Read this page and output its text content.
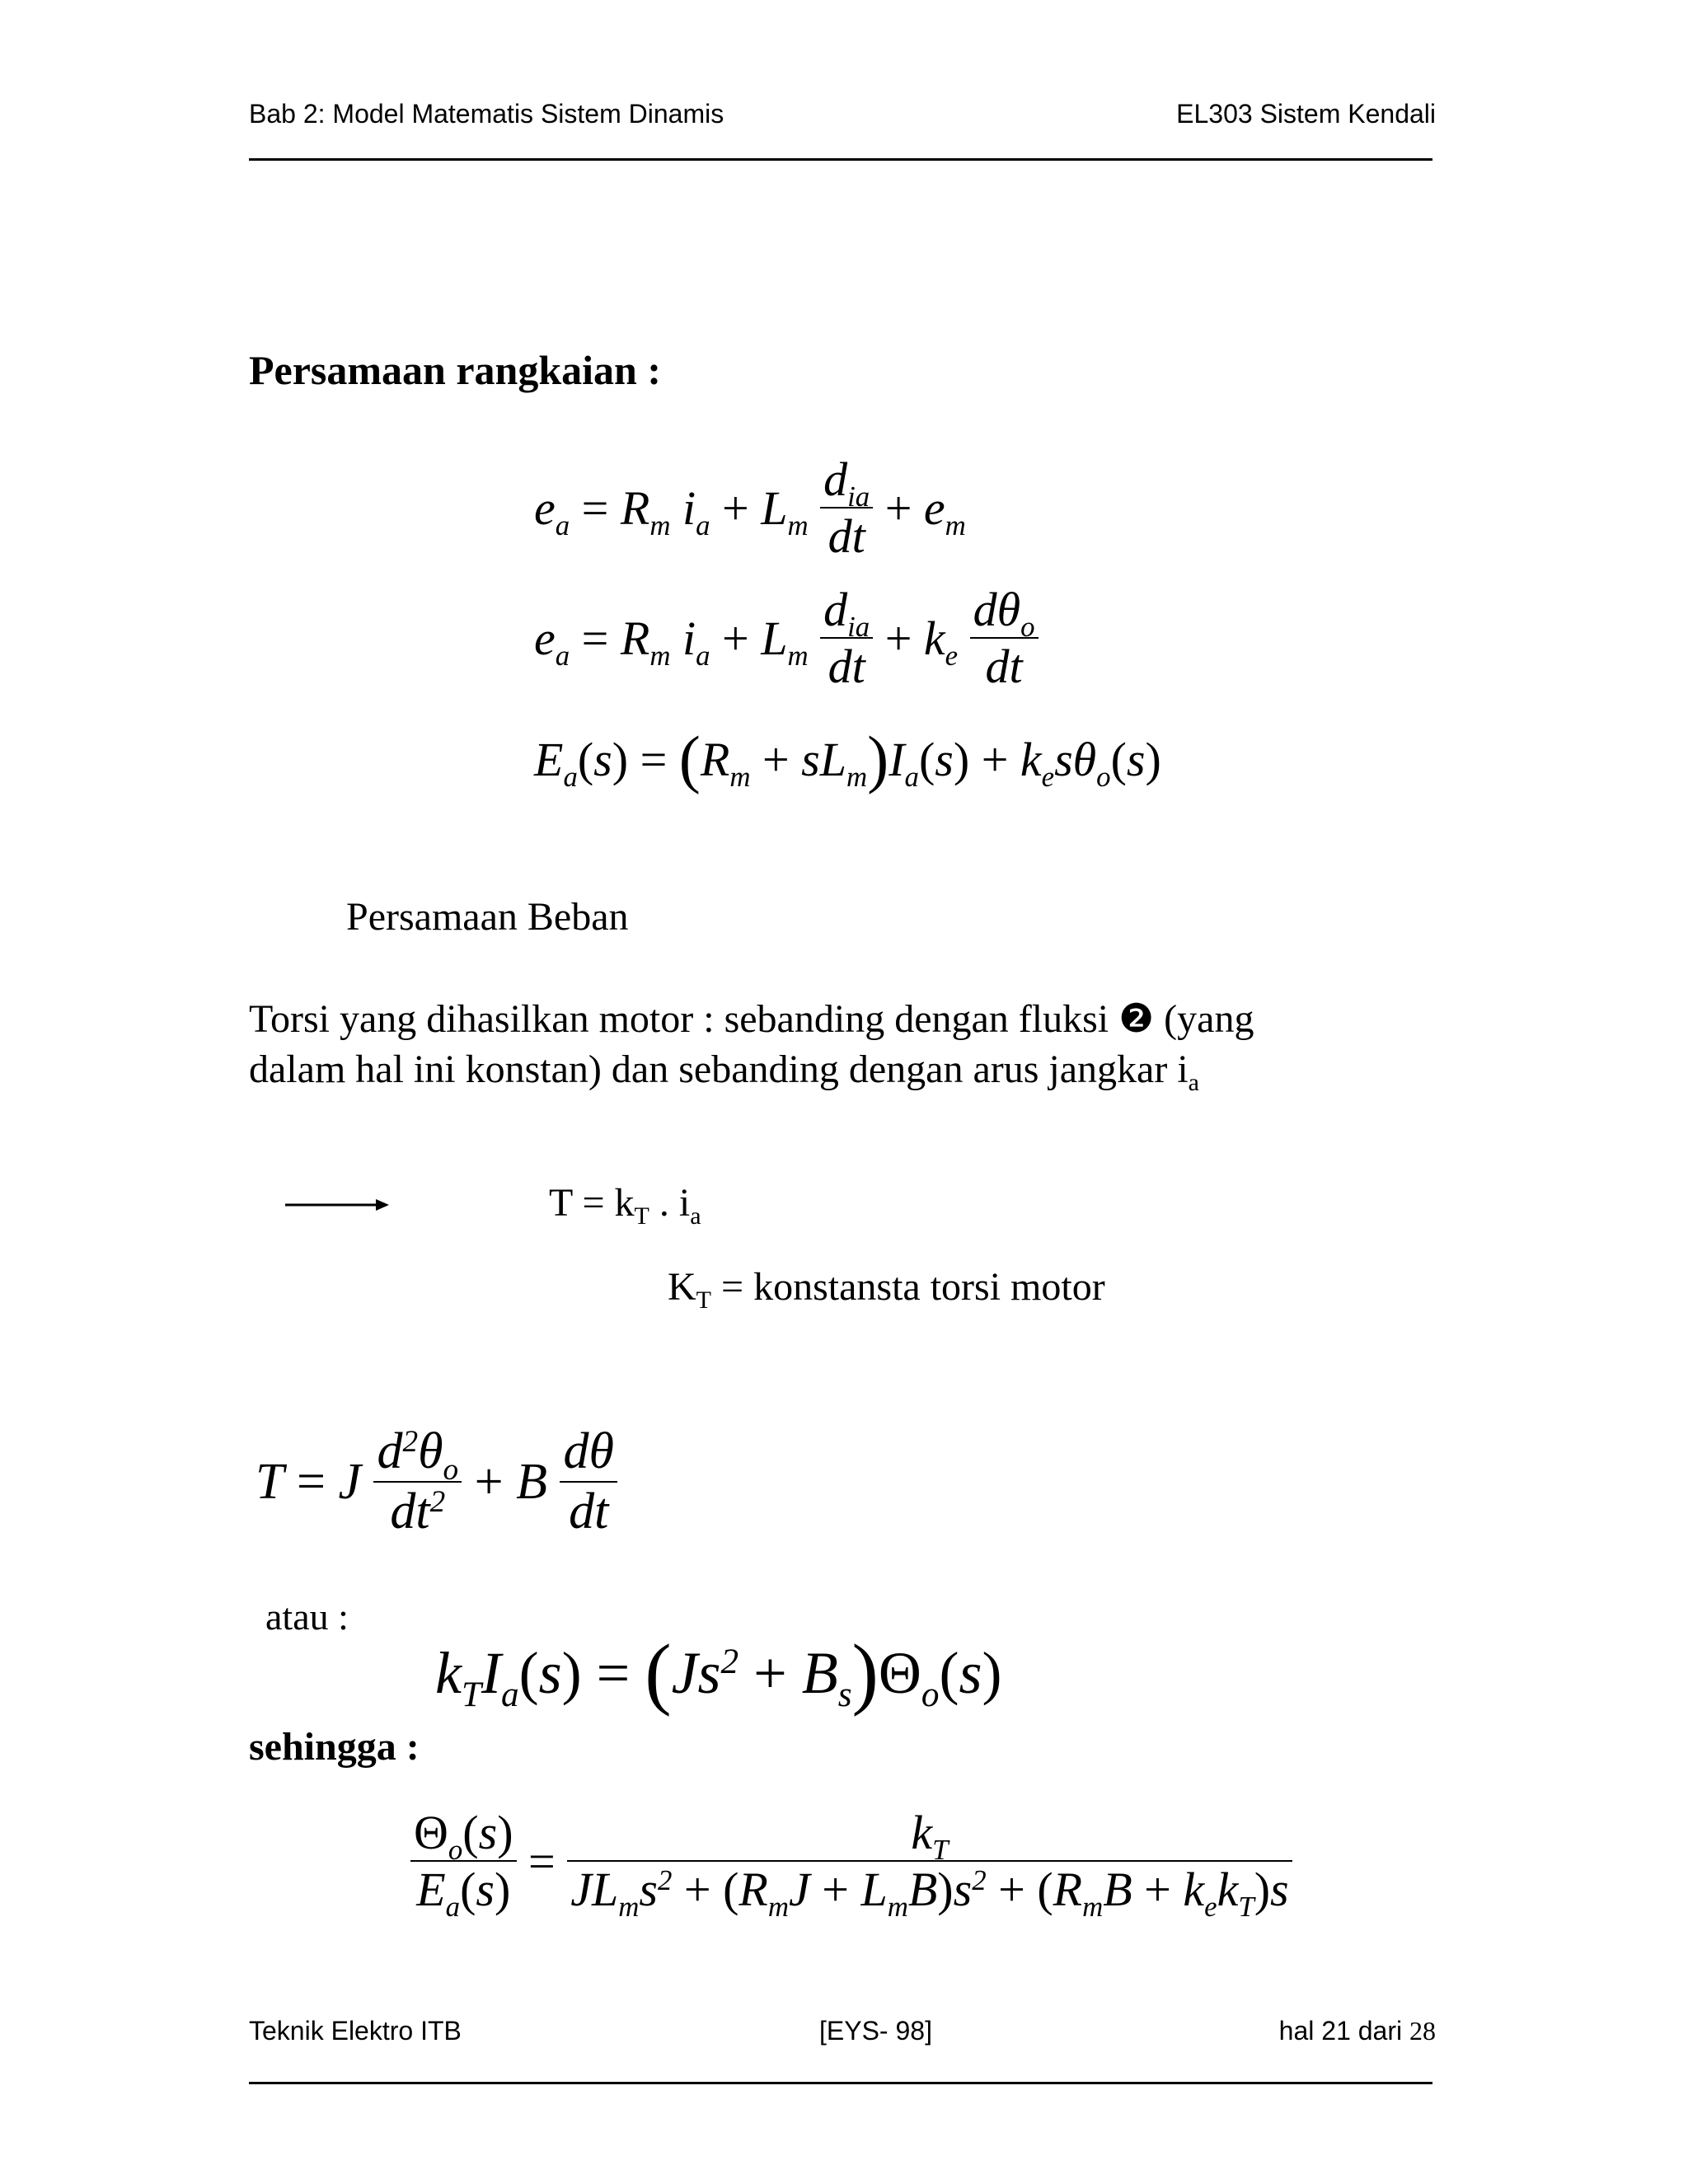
Bab 2: Model Matematis Sistem Dinamis	EL303 Sistem Kendali
Persamaan rangkaian :
$e_a = R_m$ $i_a + L_m \frac{d_{ia}}{dt} + e_m$
$e_a = R_m$ $i_a + L_m \frac{d_{ia}}{dt} + k_e \frac{d\theta_o}{dt}$
$E_a(s)$ = ( $R_m + sL_m$ ) $I_a(s) + k_es\theta_o(s)$
Persamaan Beban
Torsi yang dihasilkan motor : sebanding dengan fluksi ❷ (yang
dalam hal ini konstan) dan sebanding dengan arus jangkar $i_a$
$T = k_T$ . $i_a$
$K_T$ = konstansta torsi motor
T = J $\frac{d^2\theta_o}{dt^2} + B \frac{d\theta}{dt}$
atau :
$k_TI_a(s)$ = ( $Js^2 + B_s$ ) $\Theta_o(s)$
sehingga :
$\frac{\Theta_o(s)}{E_a(s)} = \frac{k_T}{JL_ms^2 + (R_mJ + L_mB)s^2 + (R_mB + k_ek_T)s}$
Teknik Elektro ITB	[EYS- 98]	hal 21 dari 28
